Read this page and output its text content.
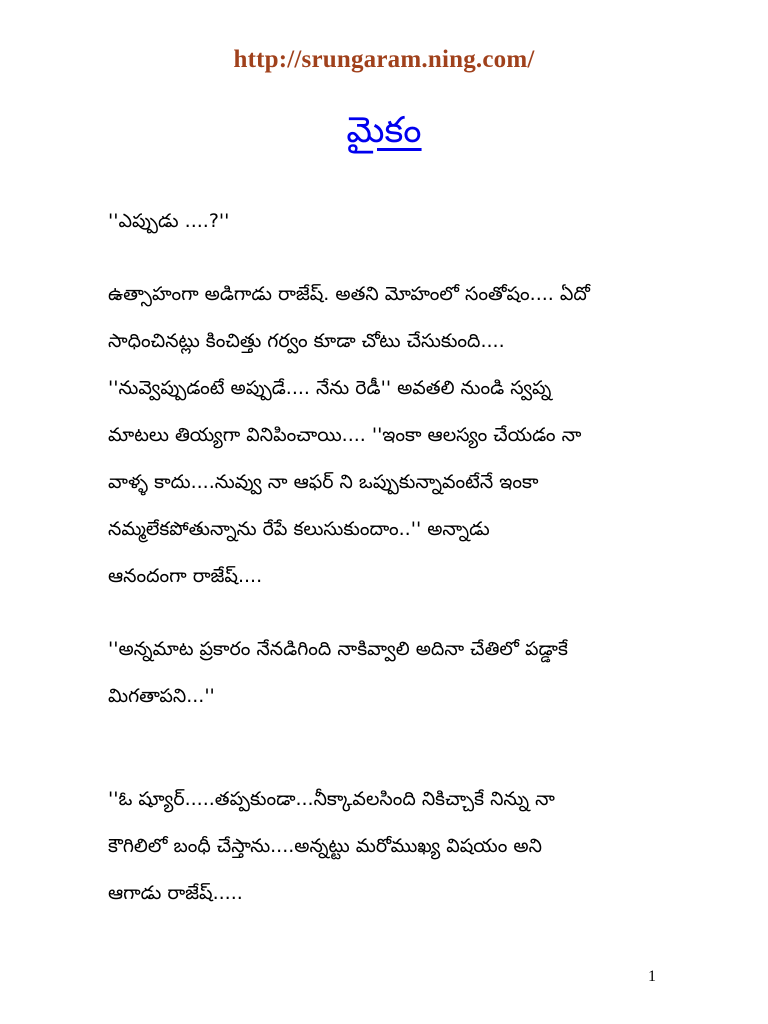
http://srungaram.ning.com/
మైకం
''ఎప్పుడు ....?''
ఉత్సాహంగా అడిగాడు రాజేష్. అతని మోహంలో సంతోషం.... ఏదో
సాధించినట్లు కించిత్తు గర్వం కూడా చోటు చేసుకుంది....
''నువ్వెప్పుడంటే అప్పుడే.... నేను రెడీ'' అవతలి నుండి స్వప్న
మాటలు తియ్యగా వినిపించాయి.... ''ఇంకా ఆలస్యం చేయడం నా
వాళ్ళ కాదు....నువ్వు నా ఆఫర్ ని ఒప్పుకున్నావంటేనే ఇంకా
నమ్మలేకపోతున్నాను రేపే కలుసుకుందాం..'' అన్నాడు
ఆనందంగా రాజేష్....
''అన్నమాట ప్రకారం నేనడిగింది నాకివ్వాలి అదినా చేతిలో పడ్డాకే
మిగతాపని...''
''ఓ ష్యూర్.....తప్పకుండా...నీక్కావలసింది నికిచ్చాకే నిన్ను నా
కౌగిలిలో బంధీ చేస్తాను....అన్నట్టు మరోముఖ్య విషయం అని
ఆగాడు రాజేష్.....
1
